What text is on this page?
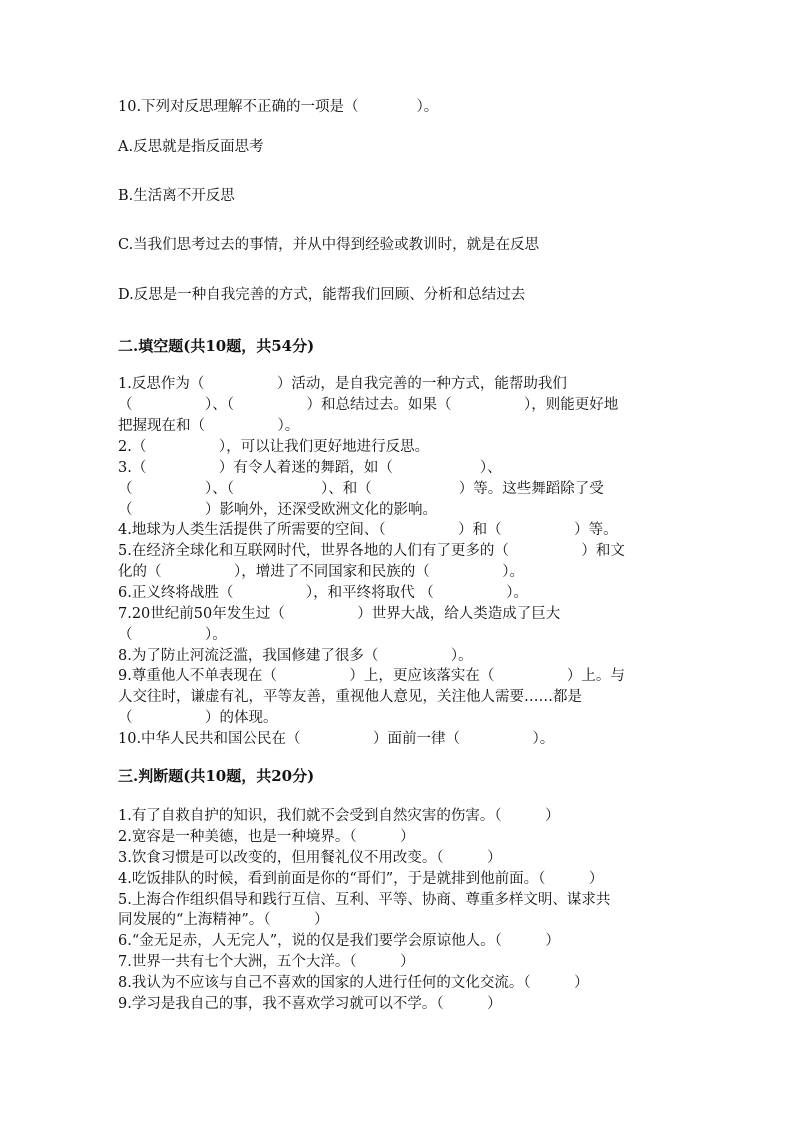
10.下列对反思理解不正确的一项是（　　　　）。
A.反思就是指反面思考
B.生活离不开反思
C.当我们思考过去的事情，并从中得到经验或教训时，就是在反思
D.反思是一种自我完善的方式，能帮我们回顾、分析和总结过去
二.填空题(共10题，共54分)
1.反思作为（　　　　　）活动，是自我完善的一种方式，能帮助我们
（　　　　　）、（　　　　　）和总结过去。如果（　　　　　），则能更好地
把握现在和（　　　　　）。
2.（　　　　　），可以让我们更好地进行反思。
3.（　　　　　）有令人着迷的舞蹈，如（　　　　　　）、
（　　　　　）、（　　　　　　）、和（　　　　　　）等。这些舞蹈除了受
（　　　　　）影响外，还深受欧洲文化的影响。
4.地球为人类生活提供了所需要的空间、（　　　　　）和（　　　　　）等。
5.在经济全球化和互联网时代，世界各地的人们有了更多的（　　　　　）和文
化的（　　　　　），增进了不同国家和民族的（　　　　　）。
6.正义终将战胜（　　　　　），和平终将取代 （　　　　　）。
7.20世纪前50年发生过（　　　　　）世界大战，给人类造成了巨大
（　　　　　）。
8.为了防止河流泛滥，我国修建了很多（　　　　　）。
9.尊重他人不单表现在（　　　　　）上，更应该落实在（　　　　　）上。与
人交往时，谦虚有礼，平等友善，重视他人意见，关注他人需要……都是
（　　　　　）的体现。
10.中华人民共和国公民在（　　　　　）面前一律（　　　　　）。
三.判断题(共10题，共20分)
1.有了自救自护的知识，我们就不会受到自然灾害的伤害。（　　　）
2.宽容是一种美德，也是一种境界。（　　　）
3.饮食习惯是可以改变的，但用餐礼仪不用改变。（　　　）
4.吃饭排队的时候，看到前面是你的“哥们”，于是就排到他前面。（　　　）
5.上海合作组织倡导和践行互信、互利、平等、协商、尊重多样文明、谋求共
同发展的“上海精神”。（　　　）
6.“金无足赤，人无完人”，说的仅是我们要学会原谅他人。（　　　）
7.世界一共有七个大洲，五个大洋。（　　　）
8.我认为不应该与自己不喜欢的国家的人进行任何的文化交流。（　　　）
9.学习是我自己的事，我不喜欢学习就可以不学。（　　　）
